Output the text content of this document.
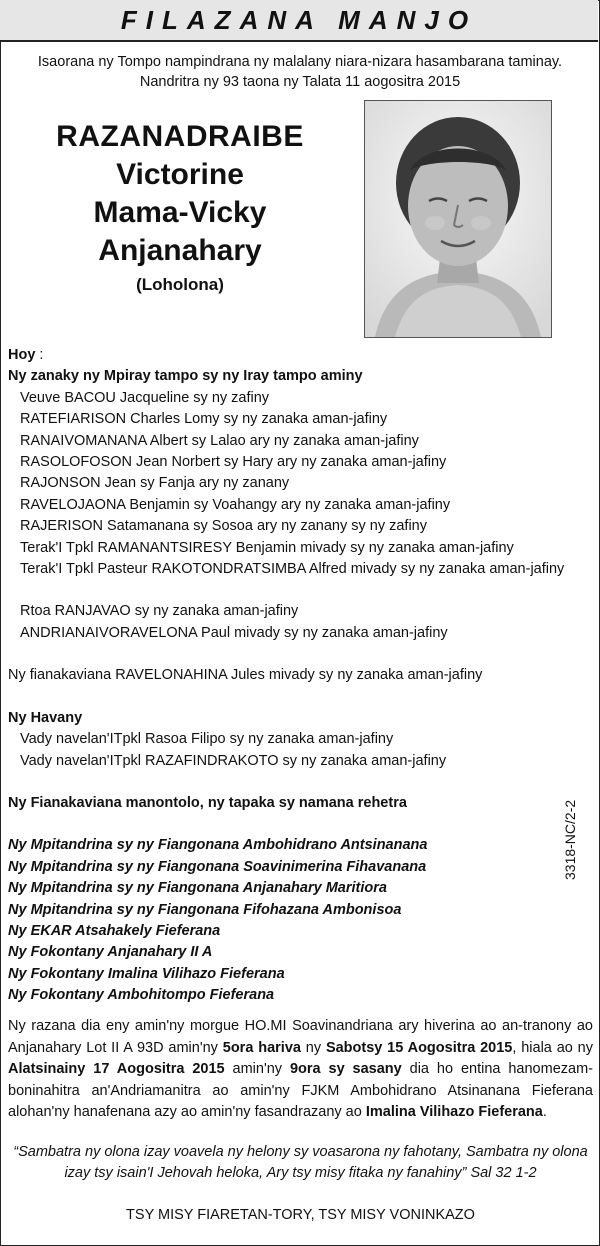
FILAZANA MANJO
Isaorana ny Tompo nampindrana ny malalany niara-nizara hasambarana taminay.
Nandritra ny 93 taona ny Talata 11 aogositra 2015
RAZANADRAIBE
Victorine
Mama-Vicky
Anjanahary
(Loholona)

Hoy :

Ny zanaky ny Mpiray tampo sy ny Iray tampo aminy

Veuve BACOU Jacqueline sy ny zafiny

RATEFIARISON Charles Lomy sy ny zanaka aman-jafiny

RANAIVOMANANA Albert sy Lalao ary ny zanaka aman-jafiny

RASOLOFOSON Jean Norbert sy Hary ary ny zanaka aman-jafiny

RAJONSON Jean sy Fanja ary ny zanany

RAVELOJAONA Benjamin sy Voahangy ary ny zanaka aman-jafiny

RAJERISON Satamanana sy Sosoa ary ny zanany sy ny zafiny

Terak'I Tpkl RAMANANTSIRESY Benjamin mivady sy ny zanaka aman-jafiny

Terak'I Tpkl Pasteur RAKOTONDRATSIMBA Alfred mivady sy ny zanaka aman-jafiny

Rtoa RANJAVAO sy ny zanaka aman-jafiny

ANDRIANAIVORAVELONA Paul mivady sy ny zanaka aman-jafiny

Ny fianakaviana RAVELONAHINA Jules mivady sy ny zanaka aman-jafiny

Ny Havany

Vady navelan'ITpkl Rasoa Filipo sy ny zanaka aman-jafiny

Vady navelan'ITpkl RAZAFINDRAKOTO sy ny zanaka aman-jafiny

Ny Fianakaviana manontolo, ny tapaka sy namana rehetra

Ny Mpitandrina sy ny Fiangonana Ambohidrano Antsinanana

Ny Mpitandrina sy ny Fiangonana Soavinimerina Fihavanana

Ny Mpitandrina sy ny Fiangonana Anjanahary Maritiora

Ny Mpitandrina sy ny Fiangonana Fifohazana Ambonisoa

Ny EKAR Atsahakely Fieferana

Ny Fokontany Anjanahary II A

Ny Fokontany Imalina Vilihazo Fieferana

Ny Fokontany Ambohitompo Fieferana

3318-NC/2-2
Ny razana dia eny amin'ny morgue HO.MI Soavinandriana ary hiverina ao an-tranony ao Anjanahary Lot II A 93D amin'ny 5ora hariva ny Sabotsy 15 Aogositra 2015, hiala ao ny Alatsinainy 17 Aogositra 2015 amin'ny 9ora sy sasany dia ho entina hanomezam-boninahitra an'Andriamanitra ao amin'ny FJKM Ambohidrano Atsinanana Fieferana alohan'ny hanafenana azy ao amin'ny fasandrazany ao Imalina Vilihazo Fieferana.
“Sambatra ny olona izay voavela ny helony sy voasarona ny fahotany, Sambatra ny olona izay tsy isain'I Jehovah heloka, Ary tsy misy fitaka ny fanahiny” Sal 32 1-2
TSY MISY FIARETAN-TORY, TSY MISY VONINKAZO
